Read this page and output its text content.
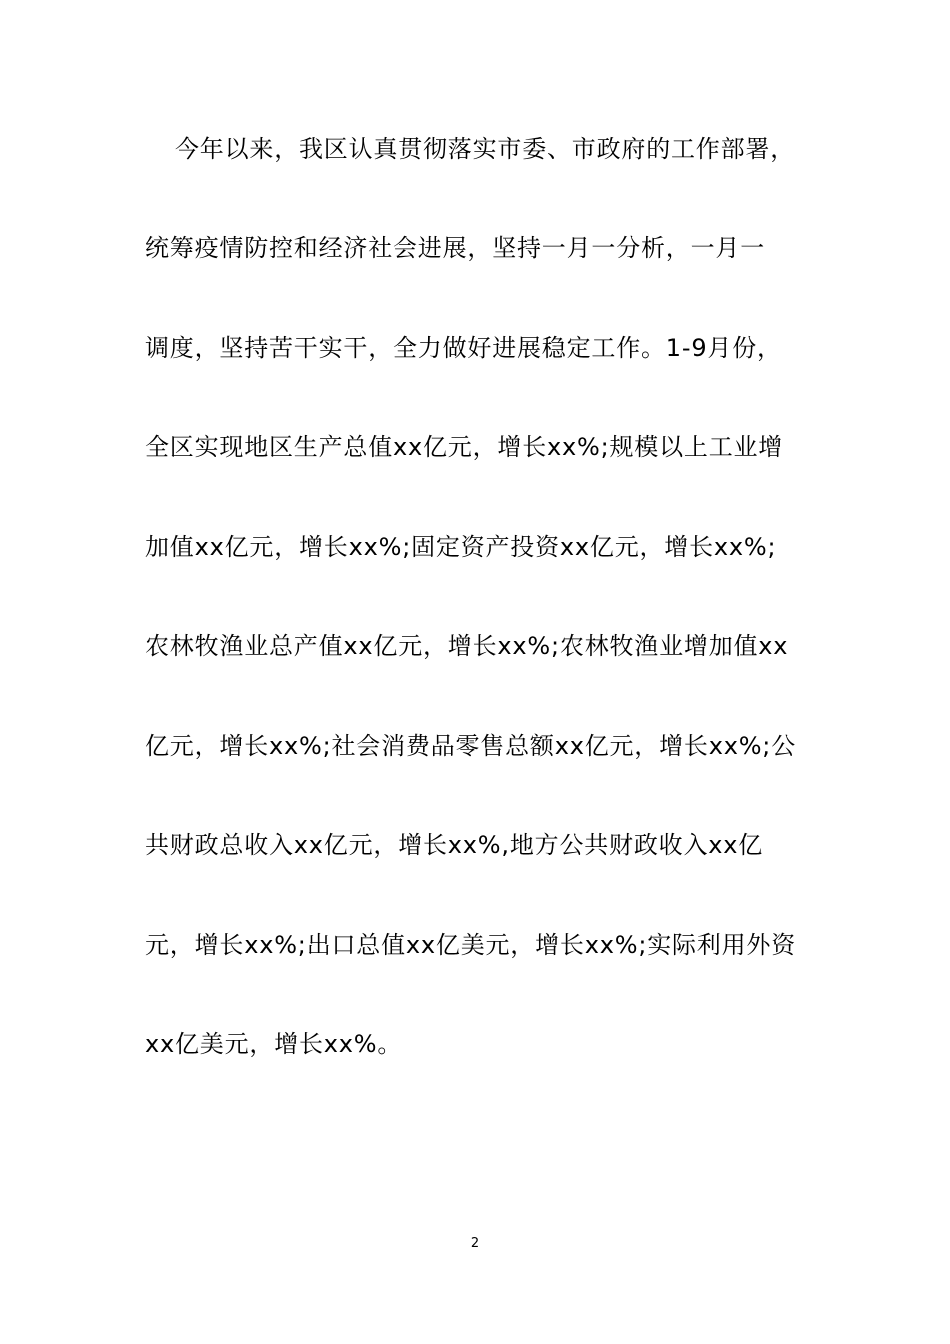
今年以来，我区认真贯彻落实市委、市政府的工作部署，
统筹疫情防控和经济社会进展，坚持一月一分析，一月一
调度，坚持苦干实干，全力做好进展稳定工作。1-9月份，
全区实现地区生产总值xx亿元，增长xx%;规模以上工业增
加值xx亿元，增长xx%;固定资产投资xx亿元，增长xx%;
农林牧渔业总产值xx亿元，增长xx%;农林牧渔业增加值xx
亿元，增长xx%;社会消费品零售总额xx亿元，增长xx%;公
共财政总收入xx亿元，增长xx%,地方公共财政收入xx亿
元，增长xx%;出口总值xx亿美元，增长xx%;实际利用外资
xx亿美元，增长xx%。
2
